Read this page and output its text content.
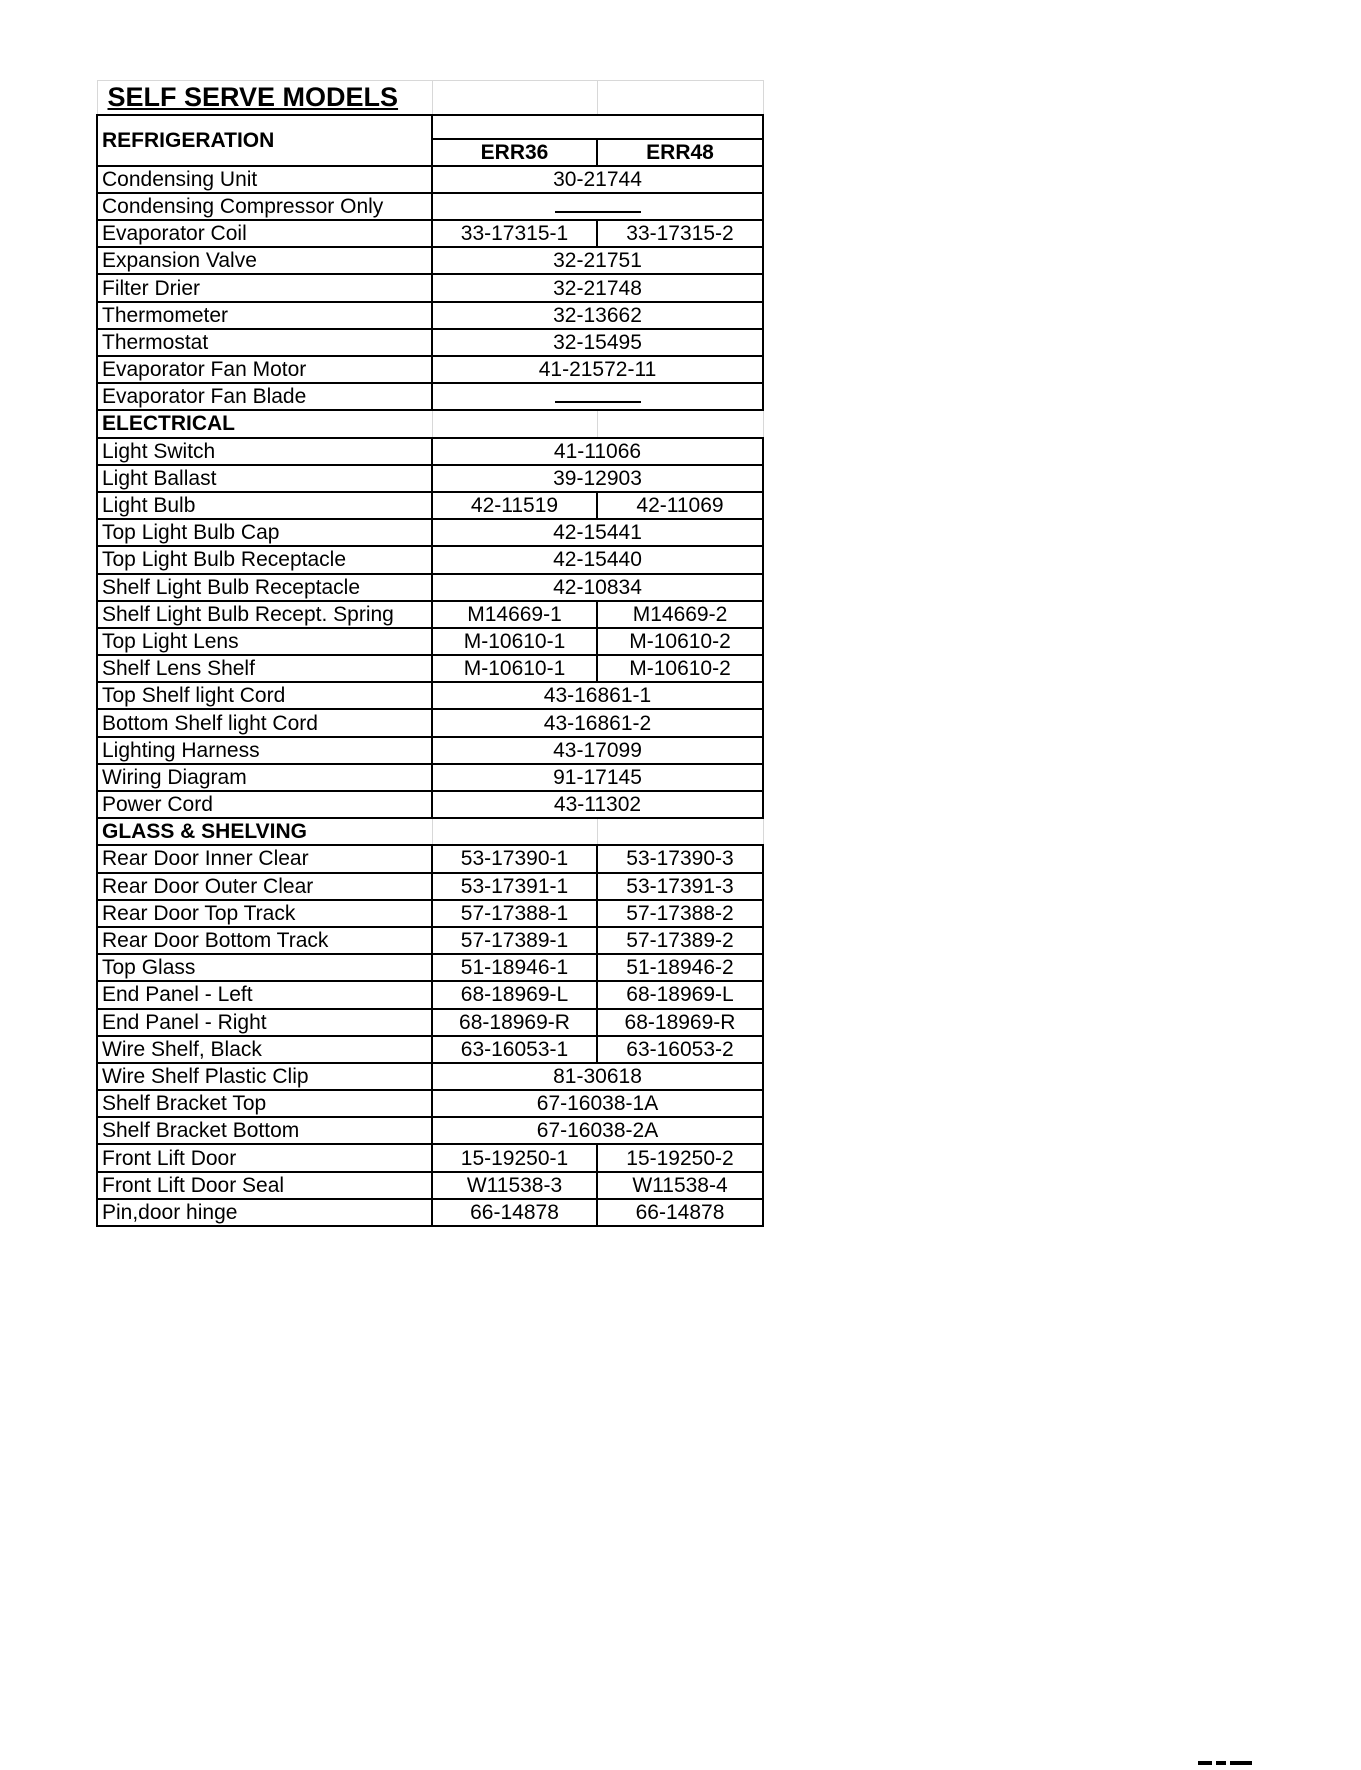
SELF SERVE MODELS		
REFRIGERATION		
	ERR36	ERR48
Condensing Unit	30-21744	
Condensing Compressor Only		
Evaporator Coil	33-17315-1	33-17315-2
Expansion Valve	32-21751	
Filter Drier	32-21748	
Thermometer	32-13662	
Thermostat	32-15495	
Evaporator Fan Motor	41-21572-11	
Evaporator Fan Blade		
ELECTRICAL		
Light Switch	41-11066	
Light Ballast	39-12903	
Light Bulb	42-11519	42-11069
Top Light Bulb Cap	42-15441	
Top Light Bulb Receptacle	42-15440	
Shelf Light Bulb Receptacle	42-10834	
Shelf Light Bulb Recept. Spring	M14669-1	M14669-2
Top Light Lens	M-10610-1	M-10610-2
Shelf Lens Shelf	M-10610-1	M-10610-2
Top Shelf light Cord	43-16861-1	
Bottom Shelf light Cord	43-16861-2	
Lighting Harness	43-17099	
Wiring Diagram	91-17145	
Power Cord	43-11302	
GLASS & SHELVING		
Rear Door Inner Clear	53-17390-1	53-17390-3
Rear Door Outer Clear	53-17391-1	53-17391-3
Rear Door Top Track	57-17388-1	57-17388-2
Rear Door Bottom Track	57-17389-1	57-17389-2
Top Glass	51-18946-1	51-18946-2
End Panel - Left	68-18969-L	68-18969-L
End Panel - Right	68-18969-R	68-18969-R
Wire Shelf, Black	63-16053-1	63-16053-2
Wire Shelf Plastic Clip	81-30618	
Shelf Bracket Top	67-16038-1A	
Shelf Bracket Bottom	67-16038-2A	
Front Lift Door	15-19250-1	15-19250-2
Front Lift Door Seal	W11538-3	W11538-4
Pin,door hinge	66-14878	66-14878
